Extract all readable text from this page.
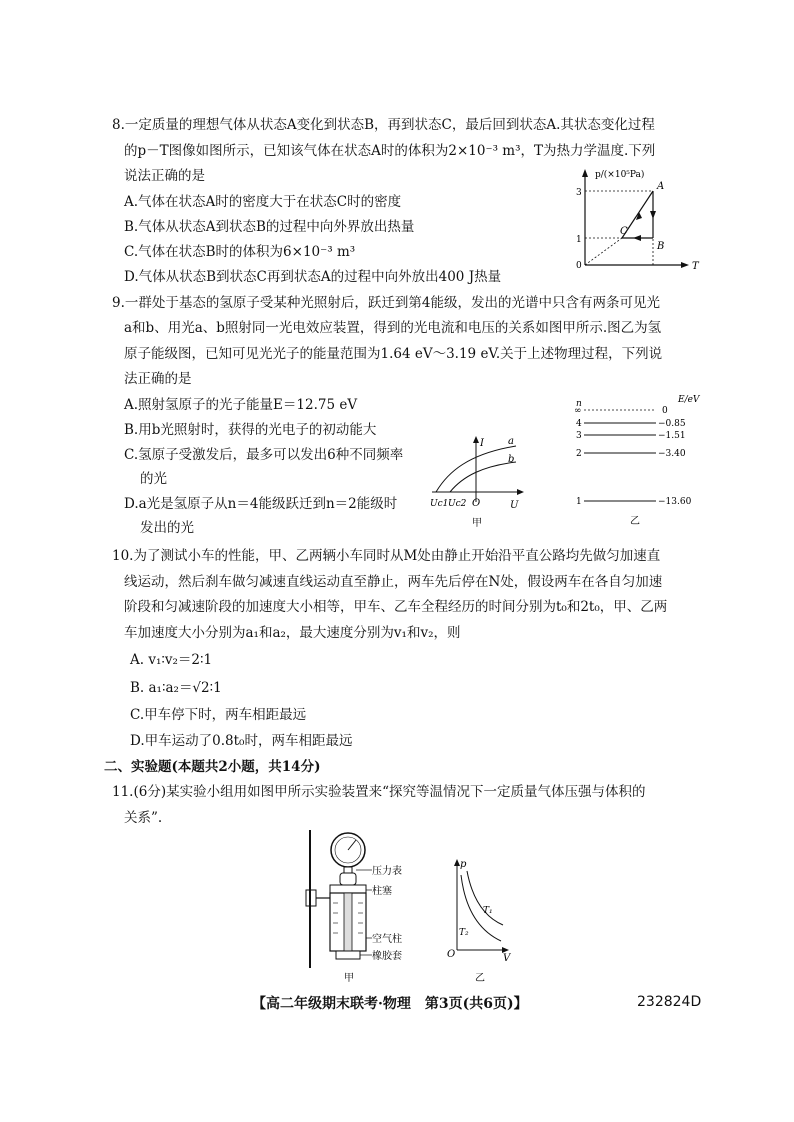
8.一定质量的理想气体从状态A变化到状态B，再到状态C，最后回到状态A.其状态变化过程
的p－T图像如图所示，已知该气体在状态A时的体积为2×10⁻³ m³，T为热力学温度.下列
说法正确的是
A.气体在状态A时的密度大于在状态C时的密度
B.气体从状态A到状态B的过程中向外界放出热量
C.气体在状态B时的体积为6×10⁻³ m³
D.气体从状态B到状态C再到状态A的过程中向外放出400 J热量
p/(×10⁵Pa)
T
0
3
1
A
B
C
9.一群处于基态的氢原子受某种光照射后，跃迁到第4能级，发出的光谱中只含有两条可见光
a和b、用光a、b照射同一光电效应装置，得到的光电流和电压的关系如图甲所示.图乙为氢
原子能级图，已知可见光光子的能量范围为1.64 eV～3.19 eV.关于上述物理过程，下列说
法正确的是
A.照射氢原子的光子能量E＝12.75 eV
B.用b光照射时，获得的光电子的初动能大
C.氢原子受激发后，最多可以发出6种不同频率
的光
D.a光是氢原子从n＝4能级跃迁到n＝2能级时
发出的光
I
U
a
b
Uc1 Uc2 O
甲
n	E/eV
∞	0
4	−0.85
3	−1.51
2	−3.40
1	−13.60
乙
10.为了测试小车的性能，甲、乙两辆小车同时从M处由静止开始沿平直公路均先做匀加速直
线运动，然后刹车做匀减速直线运动直至静止，两车先后停在N处，假设两车在各自匀加速
阶段和匀减速阶段的加速度大小相等，甲车、乙车全程经历的时间分别为t₀和2t₀，甲、乙两
车加速度大小分别为a₁和a₂，最大速度分别为v₁和v₂，则
A. v₁∶v₂＝2∶1
B. a₁∶a₂＝√2∶1
C.甲车停下时，两车相距最远
D.甲车运动了0.8t₀时，两车相距最远
二、实验题(本题共2小题，共14分)
11.(6分)某实验小组用如图甲所示实验装置来“探究等温情况下一定质量气体压强与体积的
关系”.
压力表
柱塞
空气柱
橡胶套
甲
p
V
O
T₁
T₂
乙
【高二年级期末联考·物理　第3页(共6页)】	232824D
